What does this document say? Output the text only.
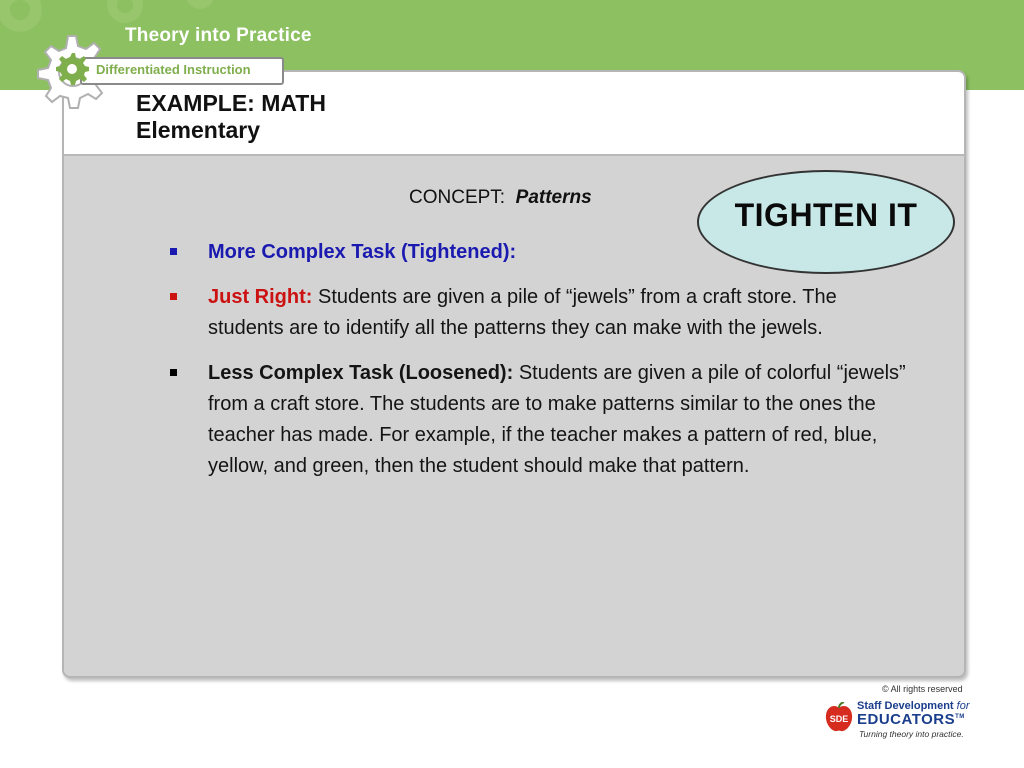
Theory into Practice
EXAMPLE: MATH
Elementary
CONCEPT: Patterns	TIGHTEN IT
More Complex Task (Tightened):
Just Right: Students are given a pile of “jewels” from a craft store. The students are to identify all the patterns they can make with the jewels.
Less Complex Task (Loosened): Students are given a pile of colorful “jewels” from a craft store. The students are to make patterns similar to the ones the teacher has made. For example, if the teacher makes a pattern of red, blue, yellow, and green, then the student should make that pattern.
Differentiated Instruction
© All rights reserved
SDE
Staff Development for
EDUCATORS™
Turning theory into practice.
